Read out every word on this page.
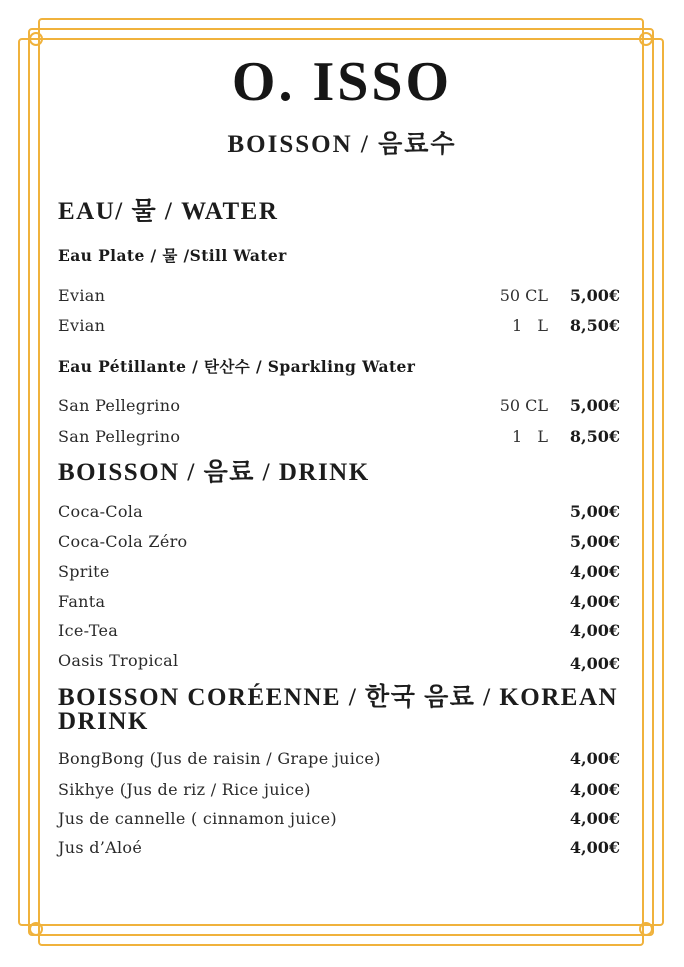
O. ISSO
BOISSON / 음료수
EAU/ 물 / WATER
Eau Plate / 물 /Still Water
Evian	50 CL 5,00€
Evian	1   L 8,50€
Eau Pétillante / 탄산수 / Sparkling Water
San Pellegrino	50 CL 5,00€
San Pellegrino	1   L 8,50€
BOISSON / 음료 / DRINK
Coca-Cola	5,00€
Coca-Cola Zéro	5,00€
Sprite	4,00€
Fanta	4,00€
Ice-Tea	4,00€
Oasis Tropical	4,00€
BOISSON CORÉENNE / 한국 음료 / KOREAN
DRINK
BongBong (Jus de raisin / Grape juice)	4,00€
Sikhye (Jus de riz / Rice juice)	4,00€
Jus de cannelle ( cinnamon juice)	4,00€
Jus d’Aloé	4,00€
